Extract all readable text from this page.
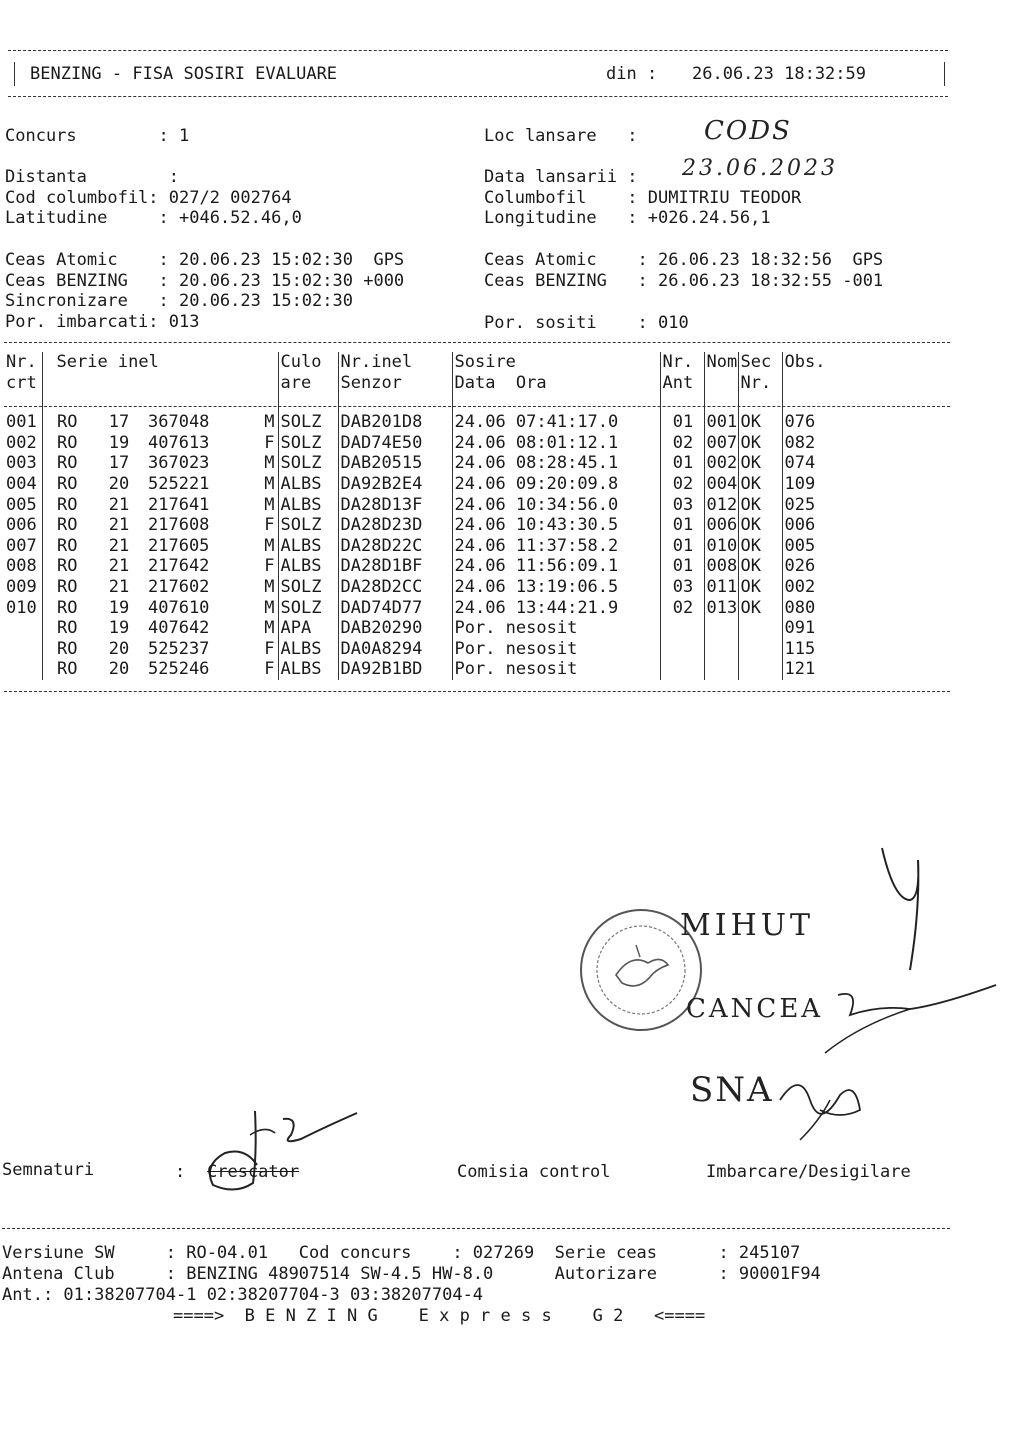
BENZING - FISA SOSIRI EVALUARE	din : 26.06.23 18:32:59
Concurs        : 1
Distanta        :
Cod columbofil: 027/2 002764
Latitudine     : +046.52.46,0
Loc lansare   :	CODS
Data lansarii : 23.06.2023
Columbofil    : DUMITRIU TEODOR
Longitudine   : +026.24.56,1
Ceas Atomic    : 20.06.23 15:02:30  GPS
Ceas BENZING   : 20.06.23 15:02:30 +000
Sincronizare   : 20.06.23 15:02:30
Por. imbarcati: 013
Ceas Atomic    : 26.06.23 18:32:56  GPS
Ceas BENZING   : 26.06.23 18:32:55 -001
Por. sositi    : 010
Nr.	Serie inel				Culo	Nr.inel	Sosire	Nr.	Nom	Sec	Obs.
crt					are	Senzor	Data  Ora	Ant		Nr.	

001	RO	17	367048	M	SOLZ	DAB201D8	24.06 07:41:17.0	01	001	OK	076
002	RO	19	407613	F	SOLZ	DAD74E50	24.06 08:01:12.1	02	007	OK	082
003	RO	17	367023	M	SOLZ	DAB20515	24.06 08:28:45.1	01	002	OK	074
004	RO	20	525221	M	ALBS	DA92B2E4	24.06 09:20:09.8	02	004	OK	109
005	RO	21	217641	M	ALBS	DA28D13F	24.06 10:34:56.0	03	012	OK	025
006	RO	21	217608	F	SOLZ	DA28D23D	24.06 10:43:30.5	01	006	OK	006
007	RO	21	217605	M	ALBS	DA28D22C	24.06 11:37:58.2	01	010	OK	005
008	RO	21	217642	F	ALBS	DA28D1BF	24.06 11:56:09.1	01	008	OK	026
009	RO	21	217602	M	SOLZ	DA28D2CC	24.06 13:19:06.5	03	011	OK	002
010	RO	19	407610	M	SOLZ	DAD74D77	24.06 13:44:21.9	02	013	OK	080
	RO	19	407642	M	APA	DAB20290	Por. nesosit				091
	RO	20	525237	F	ALBS	DA0A8294	Por. nesosit				115
	RO	20	525246	F	ALBS	DA92B1BD	Por. nesosit				121
MIHUT
CANCEA
SNA
Semnaturi	: Crescator	Comisia control	Imbarcare/Desigilare
Versiune SW     : RO-04.01   Cod concurs    : 027269  Serie ceas      : 245107
Antena Club     : BENZING 48907514 SW-4.5 HW-8.0      Autorizare      : 90001F94
Ant.: 01:38207704-1 02:38207704-3 03:38207704-4
====>  B E N Z I N G    E x p r e s s    G 2   <====
